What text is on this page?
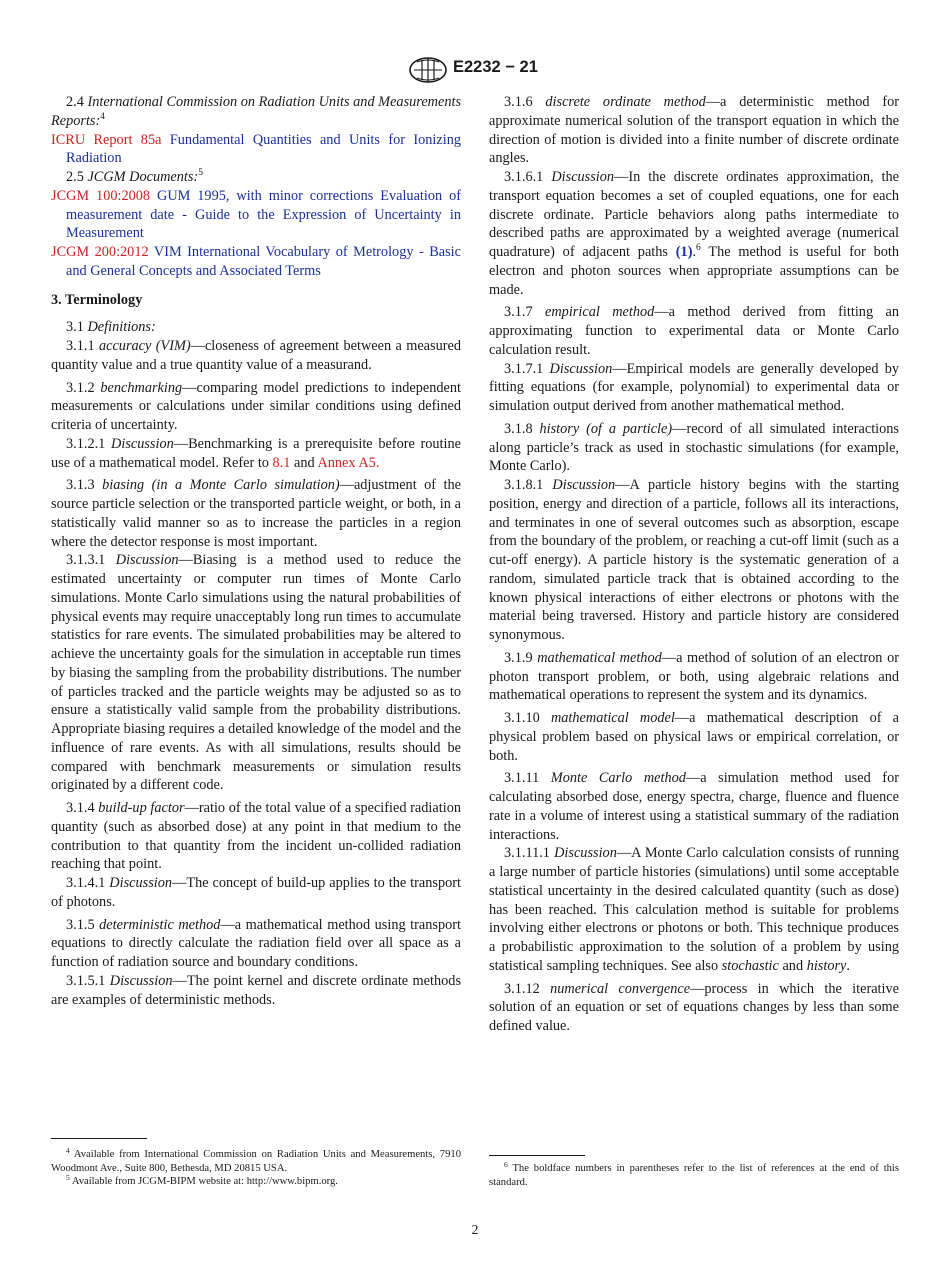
E2232 − 21

2.4 International Commission on Radiation Units and Measurements Reports:$^4$

ICRU Report 85a Fundamental Quantities and Units for Ionizing Radiation

2.5 JCGM Documents:$^5$

JCGM 100:2008 GUM 1995, with minor corrections Evaluation of measurement date - Guide to the Expression of Uncertainty in Measurement

JCGM 200:2012 VIM International Vocabulary of Metrology - Basic and General Concepts and Associated Terms

3. Terminology

3.1 Definitions:

3.1.1 accuracy (VIM)—closeness of agreement between a measured quantity value and a true quantity value of a measurand.

3.1.2 benchmarking—comparing model predictions to independent measurements or calculations under similar conditions using defined criteria of uncertainty.

3.1.2.1 Discussion—Benchmarking is a prerequisite before routine use of a mathematical model. Refer to 8.1 and Annex A5.

3.1.3 biasing (in a Monte Carlo simulation)—adjustment of the source particle selection or the transported particle weight, or both, in a statistically valid manner so as to increase the particles in a region where the detector response is most important.

3.1.3.1 Discussion—Biasing is a method used to reduce the estimated uncertainty or computer run times of Monte Carlo simulations. Monte Carlo simulations using the natural probabilities of physical events may require unacceptably long run times to accumulate statistics for rare events. The simulated probabilities may be altered to achieve the uncertainty goals for the simulation in acceptable run times by biasing the sampling from the probability distributions. The number of particles tracked and the particle weights may be adjusted so as to ensure a statistically valid sample from the probability distributions. Appropriate biasing requires a detailed knowledge of the model and the influence of rare events. As with all simulations, results should be compared with benchmark measurements or simulation results originated by a different code.

3.1.4 build-up factor—ratio of the total value of a specified radiation quantity (such as absorbed dose) at any point in that medium to the contribution to that quantity from the incident un-collided radiation reaching that point.

3.1.4.1 Discussion—The concept of build-up applies to the transport of photons.

3.1.5 deterministic method—a mathematical method using transport equations to directly calculate the radiation field over all space as a function of radiation source and boundary conditions.

3.1.5.1 Discussion—The point kernel and discrete ordinate methods are examples of deterministic methods.

3.1.6 discrete ordinate method—a deterministic method for approximate numerical solution of the transport equation in which the direction of motion is divided into a finite number of discrete ordinate angles.

3.1.6.1 Discussion—In the discrete ordinates approximation, the transport equation becomes a set of coupled equations, one for each discrete ordinate. Particle behaviors along paths intermediate to described paths are approximated by a weighted average (numerical quadrature) of adjacent paths (1).$^6$ The method is useful for both electron and photon sources when appropriate assumptions can be made.

3.1.7 empirical method—a method derived from fitting an approximating function to experimental data or Monte Carlo calculation result.

3.1.7.1 Discussion—Empirical models are generally developed by fitting equations (for example, polynomial) to experimental data or simulation output derived from another mathematical method.

3.1.8 history (of a particle)—record of all simulated interactions along particle’s track as used in stochastic simulations (for example, Monte Carlo).

3.1.8.1 Discussion—A particle history begins with the starting position, energy and direction of a particle, follows all its interactions, and terminates in one of several outcomes such as absorption, escape from the boundary of the problem, or reaching a cut-off limit (such as a cut-off energy). A particle history is the systematic generation of a random, simulated particle track that is obtained according to the known physical interactions of either electrons or photons with the material being traversed. History and particle history are considered synonymous.

3.1.9 mathematical method—a method of solution of an electron or photon transport problem, or both, using algebraic relations and mathematical operations to represent the system and its dynamics.

3.1.10 mathematical model—a mathematical description of a physical problem based on physical laws or empirical correlation, or both.

3.1.11 Monte Carlo method—a simulation method used for calculating absorbed dose, energy spectra, charge, fluence and fluence rate in a volume of interest using a statistical summary of the radiation interactions.

3.1.11.1 Discussion—A Monte Carlo calculation consists of running a large number of particle histories (simulations) until some acceptable statistical uncertainty in the desired calculated quantity (such as dose) has been reached. This calculation method is suitable for problems involving either electrons or photons or both. This technique produces a probabilistic approximation to the solution of a problem by using statistical sampling techniques. See also stochastic and history.

3.1.12 numerical convergence—process in which the iterative solution of an equation or set of equations changes by less than some defined value.

$^4$ Available from International Commission on Radiation Units and Measurements, 7910 Woodmont Ave., Suite 800, Bethesda, MD 20815 USA.

$^5$ Available from JCGM-BIPM website at: http://www.bipm.org.

$^6$ The boldface numbers in parentheses refer to the list of references at the end of this standard.

2
